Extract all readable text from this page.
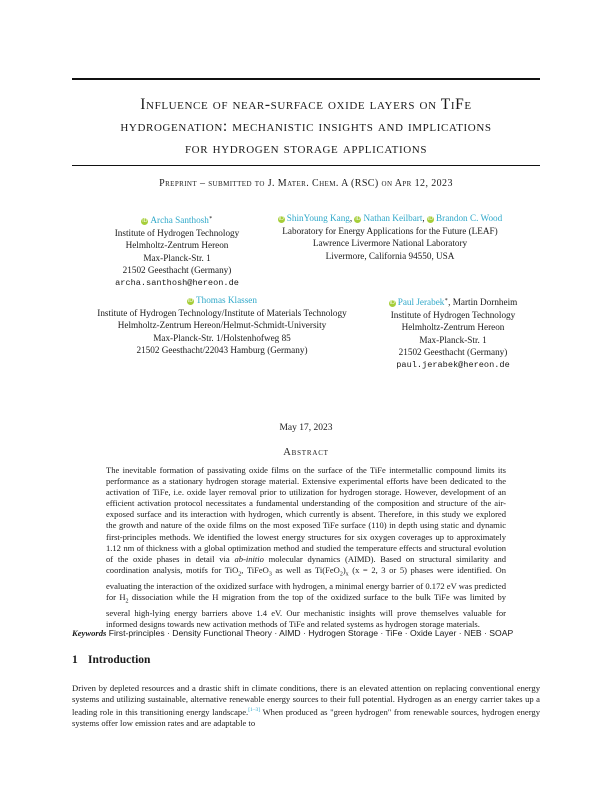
Influence of near-surface oxide layers on TiFe
hydrogenation: mechanistic insights and implications
for hydrogen storage applications
Preprint – submitted to J. Mater. Chem. A (RSC) on Apr 12, 2023
iD Archa Santhosh∗
Institute of Hydrogen Technology
Helmholtz-Zentrum Hereon
Max-Planck-Str. 1
21502 Geesthacht (Germany)
archa.santhosh@hereon.de
iD ShinYoung Kang, iD Nathan Keilbart, iD Brandon C. Wood
Laboratory for Energy Applications for the Future (LEAF)
Lawrence Livermore National Laboratory
Livermore, California 94550, USA
iD Thomas Klassen
Institute of Hydrogen Technology/Institute of Materials Technology
Helmholtz-Zentrum Hereon/Helmut-Schmidt-University
Max-Planck-Str. 1/Holstenhofweg 85
21502 Geesthacht/22043 Hamburg (Germany)
iD Paul Jerabek∗, Martin Dornheim
Institute of Hydrogen Technology
Helmholtz-Zentrum Hereon
Max-Planck-Str. 1
21502 Geesthacht (Germany)
paul.jerabek@hereon.de
May 17, 2023
Abstract

The inevitable formation of passivating oxide films on the surface of the TiFe intermetallic compound limits its performance as a stationary hydrogen storage material. Extensive experimental efforts have been dedicated to the activation of TiFe, i.e. oxide layer removal prior to utilization for hydrogen storage. However, development of an efficient activation protocol necessitates a fundamental understanding of the composition and structure of the air-exposed surface and its interaction with hydrogen, which currently is absent. Therefore, in this study we explored the growth and nature of the oxide films on the most exposed TiFe surface (110) in depth using static and dynamic first-principles methods. We identified the lowest energy structures for six oxygen coverages up to approximately 1.12 nm of thickness with a global optimization method and studied the temperature effects and structural evolution of the oxide phases in detail via ab-initio molecular dynamics (AIMD). Based on structural similarity and coordination analysis, motifs for TiO$_2$, TiFeO$_3$ as well as $Ti(FeO_2)_x$ (x = 2, 3 or 5) phases were identified. On evaluating the interaction of the oxidized surface with hydrogen, a minimal energy barrier of 0.172 eV was predicted for $H_2$ dissociation while the H migration from the top of the oxidized surface to the bulk TiFe was limited by several high-lying energy barriers above 1.4 eV. Our mechanistic insights will prove themselves valuable for informed designs towards new activation methods of TiFe and related systems as hydrogen storage materials.

Keywords First-principles · Density Functional Theory · AIMD · Hydrogen Storage · TiFe · Oxide Layer · NEB · SOAP
1 Introduction

Driven by depleted resources and a drastic shift in climate conditions, there is an elevated attention on replacing conventional energy systems and utilizing sustainable, alternative renewable energy sources to their full potential. Hydrogen as an energy carrier takes up a leading role in this transitioning energy landscape.[1–3] When produced as "green hydrogen" from renewable sources, hydrogen energy systems offer low emission rates and are adaptable to
